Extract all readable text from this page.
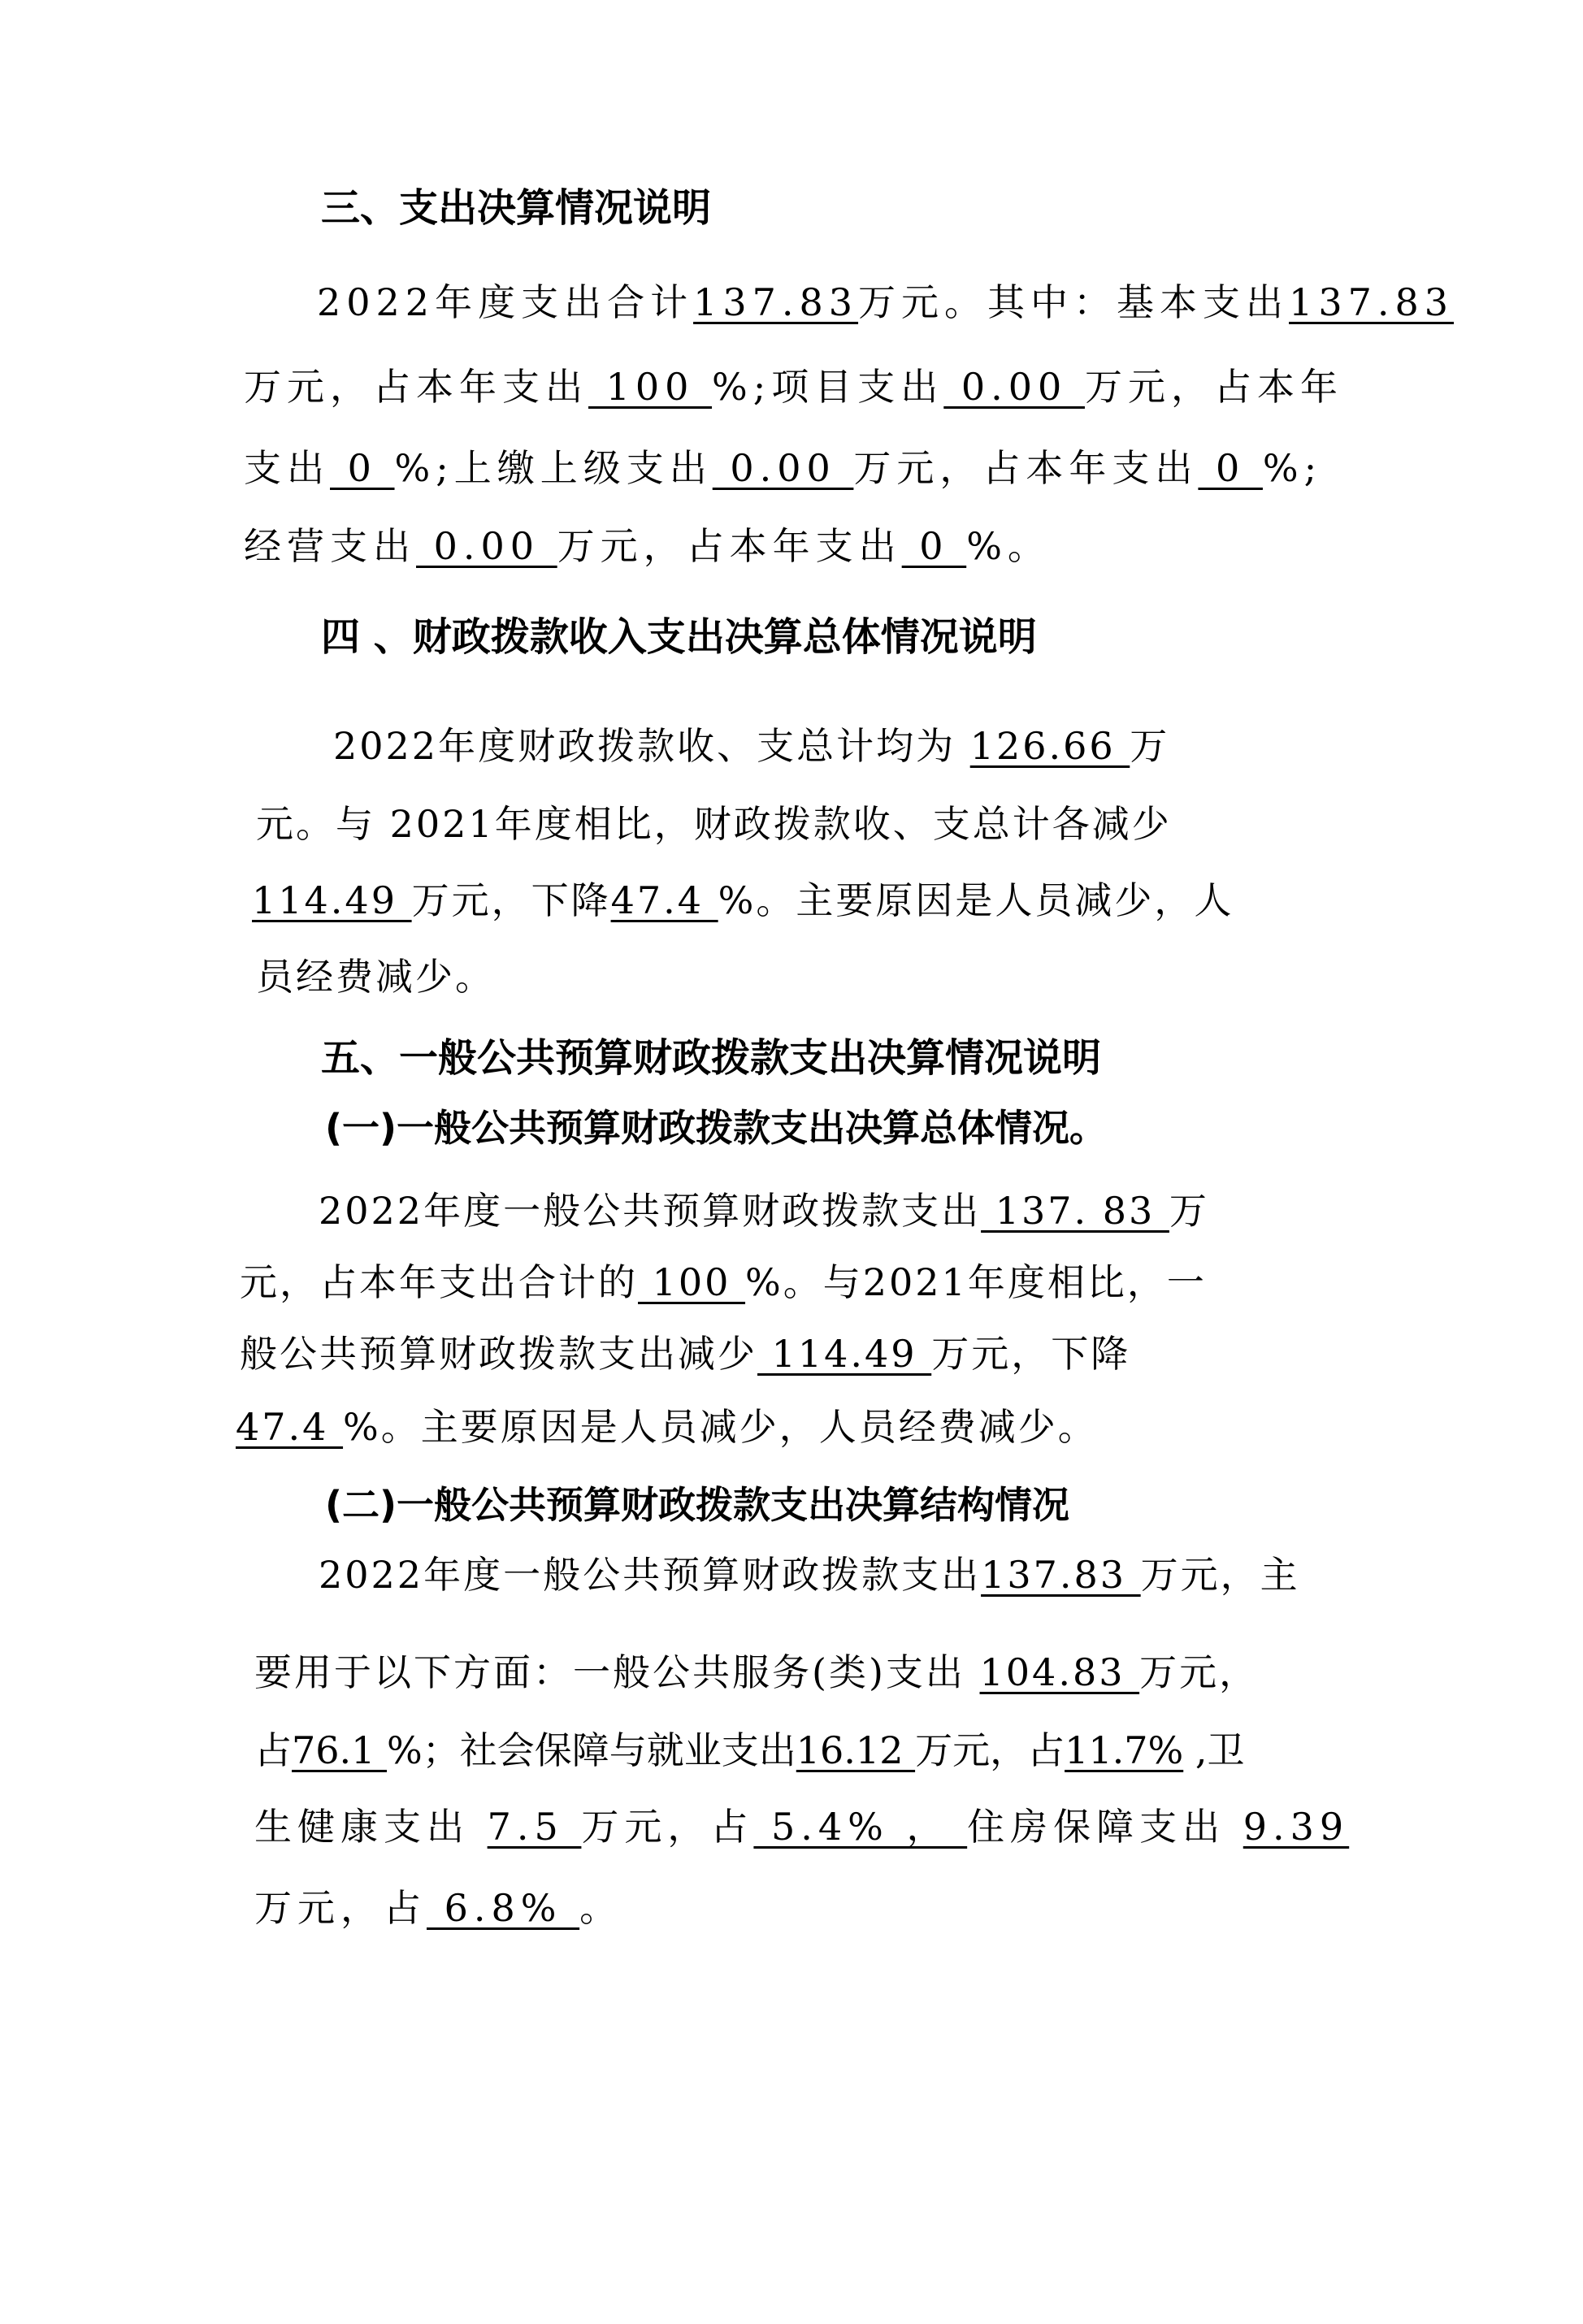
三、支出决算情况说明
2022年度支出合计137.83万元。其中：基本支出137.83
万元，占本年支出 100 %;项目支出 0.00 万元，占本年
支出 0 %;上缴上级支出 0.00 万元，占本年支出 0 %;
经营支出 0.00 万元，占本年支出 0 %。
四 、财政拨款收入支出决算总体情况说明
2022年度财政拨款收、支总计均为 126.66 万
元。与 2021年度相比，财政拨款收、支总计各减少
114.49 万元，下降47.4 %。主要原因是人员减少，人
员经费减少。
五、一般公共预算财政拨款支出决算情况说明
(一)一般公共预算财政拨款支出决算总体情况。
2022年度一般公共预算财政拨款支出 137. 83 万
元，占本年支出合计的 100 %。与2021年度相比，一
般公共预算财政拨款支出减少 114.49 万元，下降
47.4 %。主要原因是人员减少，人员经费减少。
(二)一般公共预算财政拨款支出决算结构情况
2022年度一般公共预算财政拨款支出137.83 万元，主
要用于以下方面：一般公共服务(类)支出 104.83 万元，
占76.1 %；社会保障与就业支出16.12 万元，占11.7% ,卫
生健康支出 7.5 万元，占 5.4% ， 住房保障支出 9.39
万元，占 6.8% 。
